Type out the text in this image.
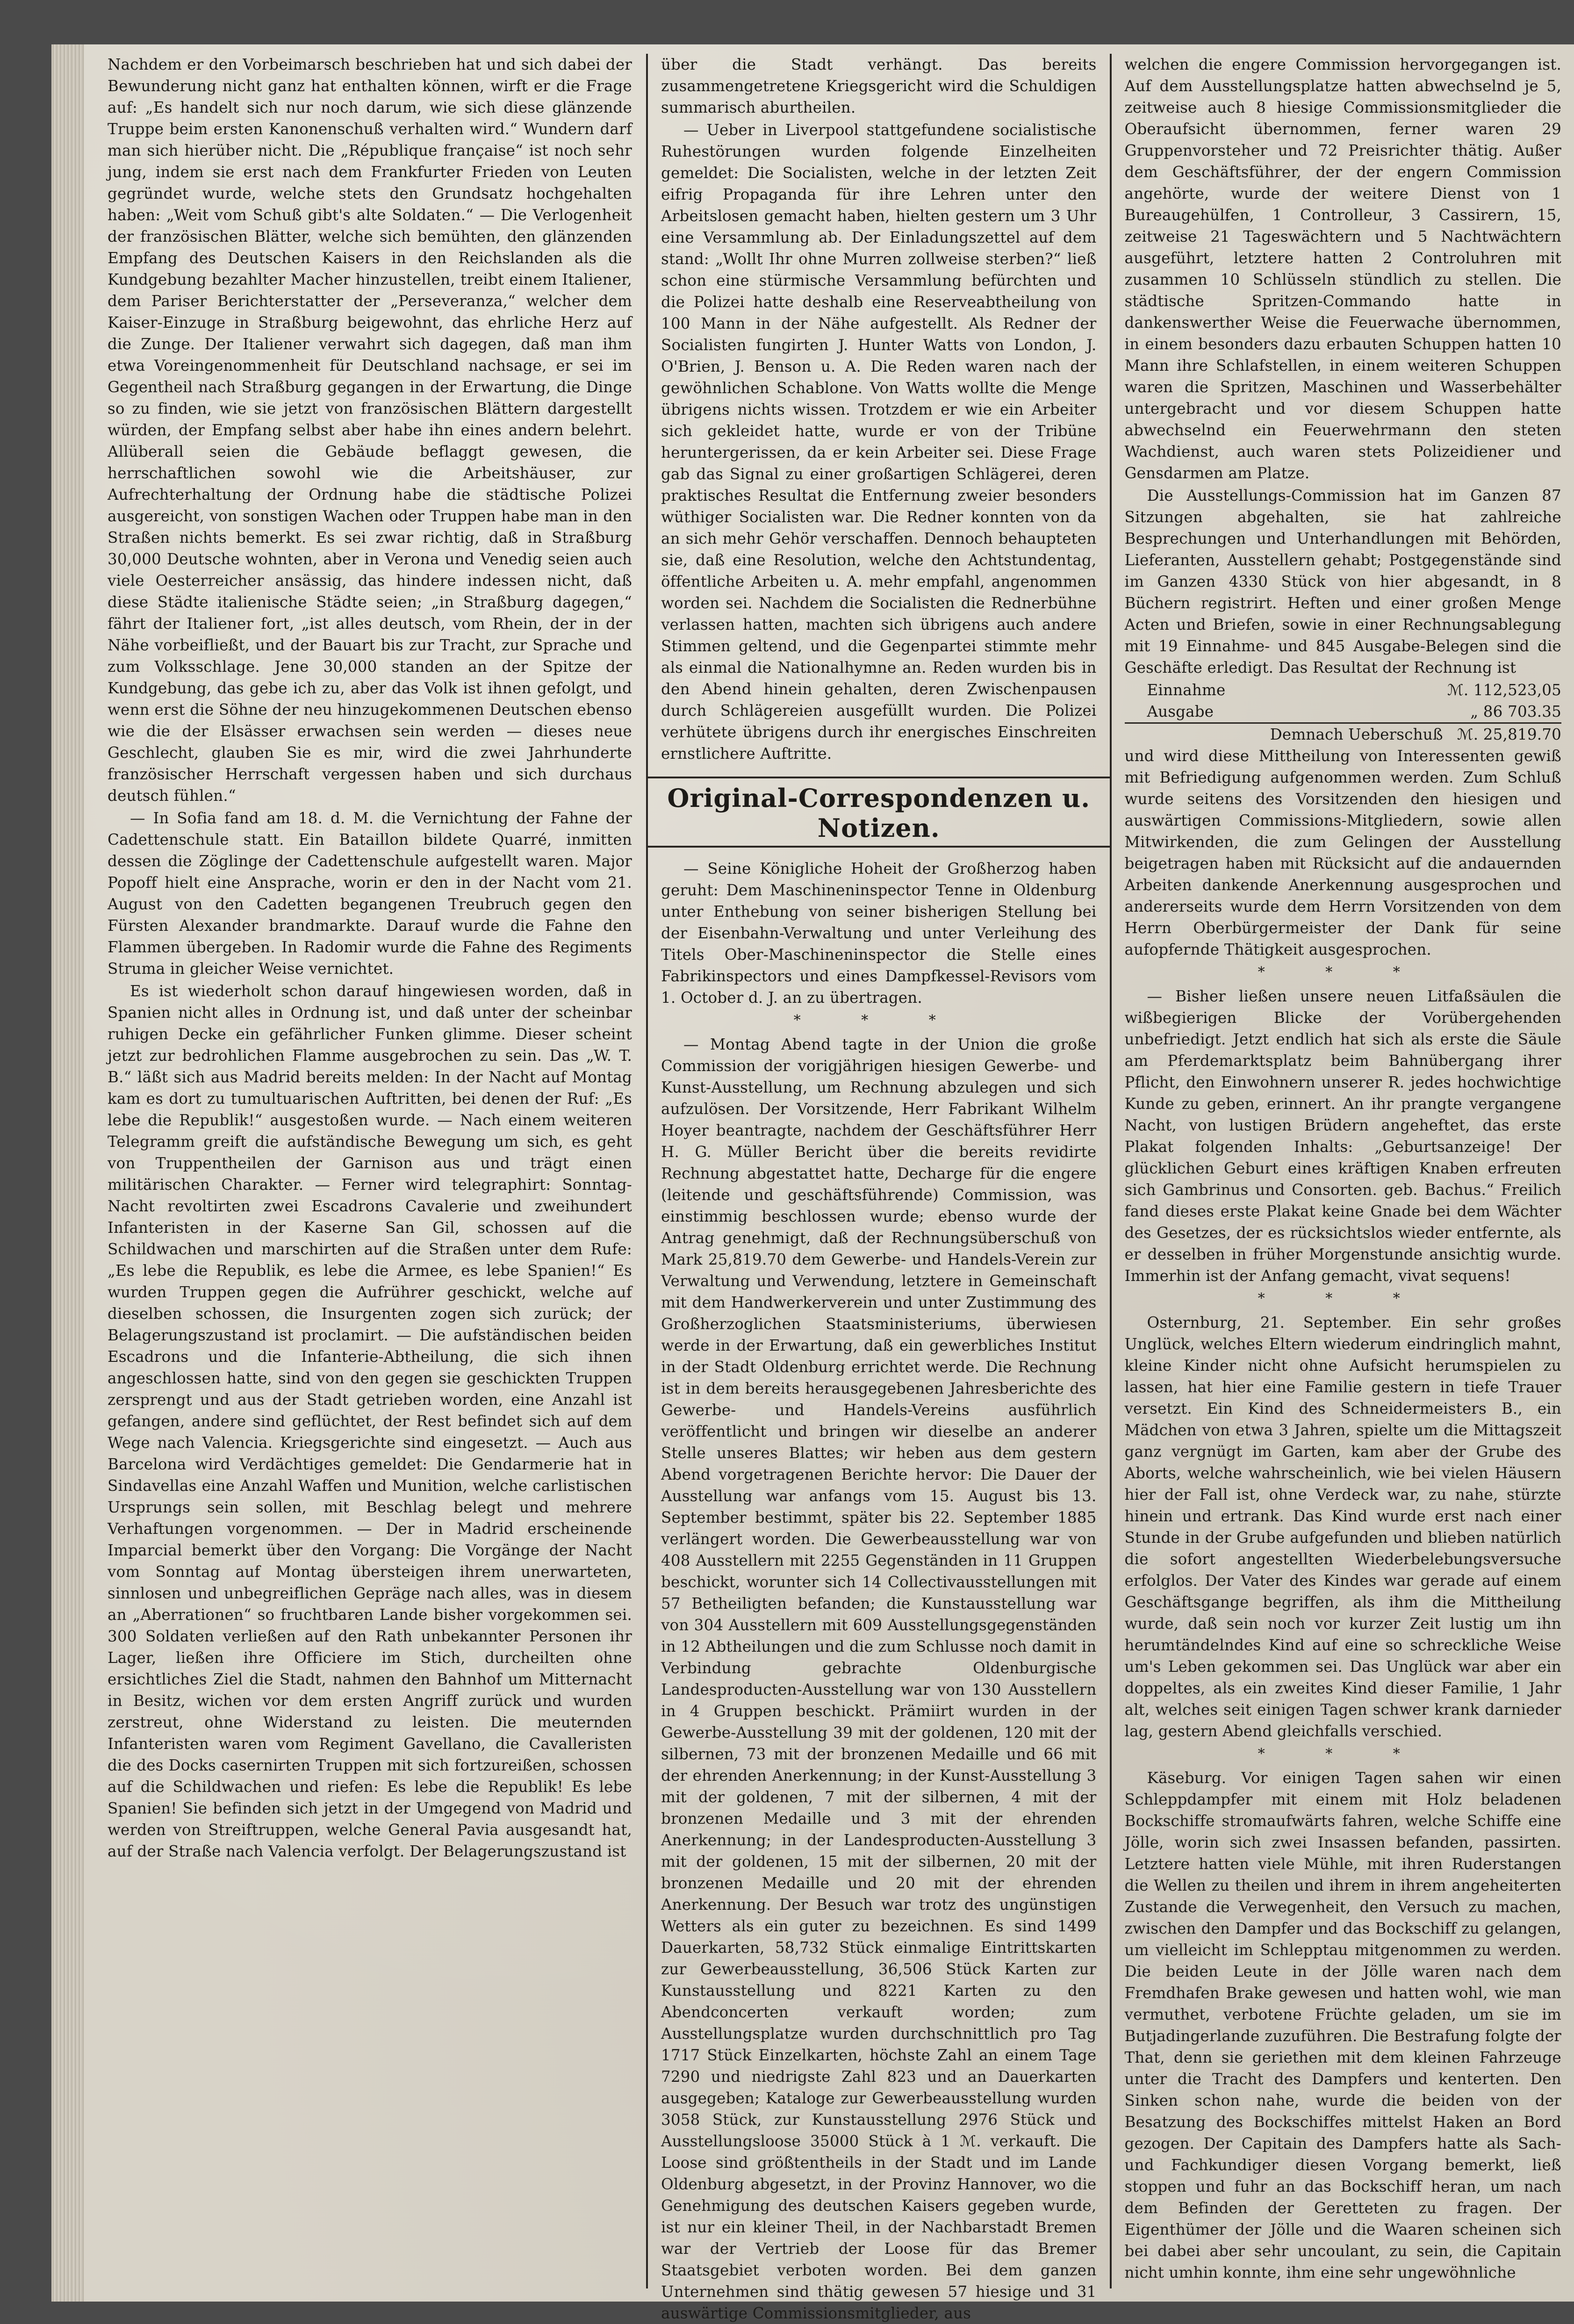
Nachdem er den Vorbeimarsch beschrieben hat und sich dabei der Bewunderung nicht ganz hat enthalten können, wirft er die Frage auf: „Es handelt sich nur noch darum, wie sich diese glänzende Truppe beim ersten Kanonenschuß verhalten wird.“ Wundern darf man sich hierüber nicht. Die „République française“ ist noch sehr jung, indem sie erst nach dem Frankfurter Frieden von Leuten gegründet wurde, welche stets den Grundsatz hochgehalten haben: „Weit vom Schuß gibt's alte Soldaten.“ — Die Verlogenheit der französischen Blätter, welche sich bemühten, den glänzenden Empfang des Deutschen Kaisers in den Reichslanden als die Kundgebung bezahlter Macher hinzustellen, treibt einem Italiener, dem Pariser Berichterstatter der „Perseveranza,“ welcher dem Kaiser-Einzuge in Straßburg beigewohnt, das ehrliche Herz auf die Zunge. Der Italiener verwahrt sich dagegen, daß man ihm etwa Voreingenommenheit für Deutschland nachsage, er sei im Gegentheil nach Straßburg gegangen in der Erwartung, die Dinge so zu finden, wie sie jetzt von französischen Blättern dargestellt würden, der Empfang selbst aber habe ihn eines andern belehrt. Allüberall seien die Gebäude beflaggt gewesen, die herrschaftlichen sowohl wie die Arbeitshäuser, zur Aufrechterhaltung der Ordnung habe die städtische Polizei ausgereicht, von sonstigen Wachen oder Truppen habe man in den Straßen nichts bemerkt. Es sei zwar richtig, daß in Straßburg 30,000 Deutsche wohnten, aber in Verona und Venedig seien auch viele Oesterreicher ansässig, das hindere indessen nicht, daß diese Städte italienische Städte seien; „in Straßburg dagegen,“ fährt der Italiener fort, „ist alles deutsch, vom Rhein, der in der Nähe vorbeifließt, und der Bauart bis zur Tracht, zur Sprache und zum Volksschlage. Jene 30,000 standen an der Spitze der Kundgebung, das gebe ich zu, aber das Volk ist ihnen gefolgt, und wenn erst die Söhne der neu hinzugekommenen Deutschen ebenso wie die der Elsässer erwachsen sein werden — dieses neue Geschlecht, glauben Sie es mir, wird die zwei Jahrhunderte französischer Herrschaft vergessen haben und sich durchaus deutsch fühlen.“

— In Sofia fand am 18. d. M. die Vernichtung der Fahne der Cadettenschule statt. Ein Bataillon bildete Quarré, inmitten dessen die Zöglinge der Cadettenschule aufgestellt waren. Major Popoff hielt eine Ansprache, worin er den in der Nacht vom 21. August von den Cadetten begangenen Treubruch gegen den Fürsten Alexander brandmarkte. Darauf wurde die Fahne den Flammen übergeben. In Radomir wurde die Fahne des Regiments Struma in gleicher Weise vernichtet.

Es ist wiederholt schon darauf hingewiesen worden, daß in Spanien nicht alles in Ordnung ist, und daß unter der scheinbar ruhigen Decke ein gefährlicher Funken glimme. Dieser scheint jetzt zur bedrohlichen Flamme ausgebrochen zu sein. Das „W. T. B.“ läßt sich aus Madrid bereits melden: In der Nacht auf Montag kam es dort zu tumultuarischen Auftritten, bei denen der Ruf: „Es lebe die Republik!“ ausgestoßen wurde. — Nach einem weiteren Telegramm greift die aufständische Bewegung um sich, es geht von Truppentheilen der Garnison aus und trägt einen militärischen Charakter. — Ferner wird telegraphirt: Sonntag-Nacht revoltirten zwei Escadrons Cavalerie und zweihundert Infanteristen in der Kaserne San Gil, schossen auf die Schildwachen und marschirten auf die Straßen unter dem Rufe: „Es lebe die Republik, es lebe die Armee, es lebe Spanien!“ Es wurden Truppen gegen die Aufrührer geschickt, welche auf dieselben schossen, die Insurgenten zogen sich zurück; der Belagerungszustand ist proclamirt. — Die aufständischen beiden Escadrons und die Infanterie-Abtheilung, die sich ihnen angeschlossen hatte, sind von den gegen sie geschickten Truppen zersprengt und aus der Stadt getrieben worden, eine Anzahl ist gefangen, andere sind geflüchtet, der Rest befindet sich auf dem Wege nach Valencia. Kriegsgerichte sind eingesetzt. — Auch aus Barcelona wird Verdächtiges gemeldet: Die Gendarmerie hat in Sindavellas eine Anzahl Waffen und Munition, welche carlistischen Ursprungs sein sollen, mit Beschlag belegt und mehrere Verhaftungen vorgenommen. — Der in Madrid erscheinende Imparcial bemerkt über den Vorgang: Die Vorgänge der Nacht vom Sonntag auf Montag übersteigen ihrem unerwarteten, sinnlosen und unbegreiflichen Gepräge nach alles, was in diesem an „Aberrationen“ so fruchtbaren Lande bisher vorgekommen sei. 300 Soldaten verließen auf den Rath unbekannter Personen ihr Lager, ließen ihre Officiere im Stich, durcheilten ohne ersichtliches Ziel die Stadt, nahmen den Bahnhof um Mitternacht in Besitz, wichen vor dem ersten Angriff zurück und wurden zerstreut, ohne Widerstand zu leisten. Die meuternden Infanteristen waren vom Regiment Gavellano, die Cavalleristen die des Docks casernirten Truppen mit sich fortzureißen, schossen auf die Schildwachen und riefen: Es lebe die Republik! Es lebe Spanien! Sie befinden sich jetzt in der Umgegend von Madrid und werden von Streiftruppen, welche General Pavia ausgesandt hat, auf der Straße nach Valencia verfolgt. Der Belagerungszustand ist

über die Stadt verhängt. Das bereits zusammengetretene Kriegsgericht wird die Schuldigen summarisch aburtheilen.

— Ueber in Liverpool stattgefundene socialistische Ruhestörungen wurden folgende Einzelheiten gemeldet: Die Socialisten, welche in der letzten Zeit eifrig Propaganda für ihre Lehren unter den Arbeitslosen gemacht haben, hielten gestern um 3 Uhr eine Versammlung ab. Der Einladungszettel auf dem stand: „Wollt Ihr ohne Murren zollweise sterben?“ ließ schon eine stürmische Versammlung befürchten und die Polizei hatte deshalb eine Reserveabtheilung von 100 Mann in der Nähe aufgestellt. Als Redner der Socialisten fungirten J. Hunter Watts von London, J. O'Brien, J. Benson u. A. Die Reden waren nach der gewöhnlichen Schablone. Von Watts wollte die Menge übrigens nichts wissen. Trotzdem er wie ein Arbeiter sich gekleidet hatte, wurde er von der Tribüne heruntergerissen, da er kein Arbeiter sei. Diese Frage gab das Signal zu einer großartigen Schlägerei, deren praktisches Resultat die Entfernung zweier besonders wüthiger Socialisten war. Die Redner konnten von da an sich mehr Gehör verschaffen. Dennoch behaupteten sie, daß eine Resolution, welche den Achtstundentag, öffentliche Arbeiten u. A. mehr empfahl, angenommen worden sei. Nachdem die Socialisten die Rednerbühne verlassen hatten, machten sich übrigens auch andere Stimmen geltend, und die Gegenpartei stimmte mehr als einmal die Nationalhymne an. Reden wurden bis in den Abend hinein gehalten, deren Zwischenpausen durch Schlägereien ausgefüllt wurden. Die Polizei verhütete übrigens durch ihr energisches Einschreiten ernstlichere Auftritte.

Original-Correspondenzen u. Notizen.

— Seine Königliche Hoheit der Großherzog haben geruht: Dem Maschineninspector Tenne in Oldenburg unter Enthebung von seiner bisherigen Stellung bei der Eisenbahn-Verwaltung und unter Verleihung des Titels Ober-Maschineninspector die Stelle eines Fabrikinspectors und eines Dampfkessel-Revisors vom 1. October d. J. an zu übertragen.

* * *

— Montag Abend tagte in der Union die große Commission der vorigjährigen hiesigen Gewerbe- und Kunst-Ausstellung, um Rechnung abzulegen und sich aufzulösen. Der Vorsitzende, Herr Fabrikant Wilhelm Hoyer beantragte, nachdem der Geschäftsführer Herr H. G. Müller Bericht über die bereits revidirte Rechnung abgestattet hatte, Decharge für die engere (leitende und geschäftsführende) Commission, was einstimmig beschlossen wurde; ebenso wurde der Antrag genehmigt, daß der Rechnungsüberschuß von Mark 25,819.70 dem Gewerbe- und Handels-Verein zur Verwaltung und Verwendung, letztere in Gemeinschaft mit dem Handwerkerverein und unter Zustimmung des Großherzoglichen Staatsministeriums, überwiesen werde in der Erwartung, daß ein gewerbliches Institut in der Stadt Oldenburg errichtet werde. Die Rechnung ist in dem bereits herausgegebenen Jahresberichte des Gewerbe- und Handels-Vereins ausführlich veröffentlicht und bringen wir dieselbe an anderer Stelle unseres Blattes; wir heben aus dem gestern Abend vorgetragenen Berichte hervor: Die Dauer der Ausstellung war anfangs vom 15. August bis 13. September bestimmt, später bis 22. September 1885 verlängert worden. Die Gewerbeausstellung war von 408 Ausstellern mit 2255 Gegenständen in 11 Gruppen beschickt, worunter sich 14 Collectivausstellungen mit 57 Betheiligten befanden; die Kunstausstellung war von 304 Ausstellern mit 609 Ausstellungsgegenständen in 12 Abtheilungen und die zum Schlusse noch damit in Verbindung gebrachte Oldenburgische Landesproducten-Ausstellung war von 130 Ausstellern in 4 Gruppen beschickt. Prämiirt wurden in der Gewerbe-Ausstellung 39 mit der goldenen, 120 mit der silbernen, 73 mit der bronzenen Medaille und 66 mit der ehrenden Anerkennung; in der Kunst-Ausstellung 3 mit der goldenen, 7 mit der silbernen, 4 mit der bronzenen Medaille und 3 mit der ehrenden Anerkennung; in der Landesproducten-Ausstellung 3 mit der goldenen, 15 mit der silbernen, 20 mit der bronzenen Medaille und 20 mit der ehrenden Anerkennung. Der Besuch war trotz des ungünstigen Wetters als ein guter zu bezeichnen. Es sind 1499 Dauerkarten, 58,732 Stück einmalige Eintrittskarten zur Gewerbeausstellung, 36,506 Stück Karten zur Kunstausstellung und 8221 Karten zu den Abendconcerten verkauft worden; zum Ausstellungsplatze wurden durchschnittlich pro Tag 1717 Stück Einzelkarten, höchste Zahl an einem Tage 7290 und niedrigste Zahl 823 und an Dauerkarten ausgegeben; Kataloge zur Gewerbeausstellung wurden 3058 Stück, zur Kunstausstellung 2976 Stück und Ausstellungsloose 35000 Stück à 1 ℳ. verkauft. Die Loose sind größtentheils in der Stadt und im Lande Oldenburg abgesetzt, in der Provinz Hannover, wo die Genehmigung des deutschen Kaisers gegeben wurde, ist nur ein kleiner Theil, in der Nachbarstadt Bremen war der Vertrieb der Loose für das Bremer Staatsgebiet verboten worden. Bei dem ganzen Unternehmen sind thätig gewesen 57 hiesige und 31 auswärtige Commissionsmitglieder, aus

welchen die engere Commission hervorgegangen ist. Auf dem Ausstellungsplatze hatten abwechselnd je 5, zeitweise auch 8 hiesige Commissionsmitglieder die Oberaufsicht übernommen, ferner waren 29 Gruppenvorsteher und 72 Preisrichter thätig. Außer dem Geschäftsführer, der der engern Commission angehörte, wurde der weitere Dienst von 1 Bureaugehülfen, 1 Controlleur, 3 Cassirern, 15, zeitweise 21 Tageswächtern und 5 Nachtwächtern ausgeführt, letztere hatten 2 Controluhren mit zusammen 10 Schlüsseln stündlich zu stellen. Die städtische Spritzen-Commando hatte in dankenswerther Weise die Feuerwache übernommen, in einem besonders dazu erbauten Schuppen hatten 10 Mann ihre Schlafstellen, in einem weiteren Schuppen waren die Spritzen, Maschinen und Wasserbehälter untergebracht und vor diesem Schuppen hatte abwechselnd ein Feuerwehrmann den steten Wachdienst, auch waren stets Polizeidiener und Gensdarmen am Platze.

Die Ausstellungs-Commission hat im Ganzen 87 Sitzungen abgehalten, sie hat zahlreiche Besprechungen und Unterhandlungen mit Behörden, Lieferanten, Ausstellern gehabt; Postgegenstände sind im Ganzen 4330 Stück von hier abgesandt, in 8 Büchern registrirt. Heften und einer großen Menge Acten und Briefen, sowie in einer Rechnungsablegung mit 19 Einnahme- und 845 Ausgabe-Belegen sind die Geschäfte erledigt. Das Resultat der Rechnung ist

Einnahme	ℳ. 112,523,05
Ausgabe	„ 86 703.35
Demnach Ueberschuß ℳ. 25,819.70

und wird diese Mittheilung von Interessenten gewiß mit Befriedigung aufgenommen werden. Zum Schluß wurde seitens des Vorsitzenden den hiesigen und auswärtigen Commissions-Mitgliedern, sowie allen Mitwirkenden, die zum Gelingen der Ausstellung beigetragen haben mit Rücksicht auf die andauernden Arbeiten dankende Anerkennung ausgesprochen und andererseits wurde dem Herrn Vorsitzenden von dem Herrn Oberbürgermeister der Dank für seine aufopfernde Thätigkeit ausgesprochen.

* * *

— Bisher ließen unsere neuen Litfaßsäulen die wißbegierigen Blicke der Vorübergehenden unbefriedigt. Jetzt endlich hat sich als erste die Säule am Pferdemarktsplatz beim Bahnübergang ihrer Pflicht, den Einwohnern unserer R. jedes hochwichtige Kunde zu geben, erinnert. An ihr prangte vergangene Nacht, von lustigen Brüdern angeheftet, das erste Plakat folgenden Inhalts: „Geburtsanzeige! Der glücklichen Geburt eines kräftigen Knaben erfreuten sich Gambrinus und Consorten. geb. Bachus.“ Freilich fand dieses erste Plakat keine Gnade bei dem Wächter des Gesetzes, der es rücksichtslos wieder entfernte, als er desselben in früher Morgenstunde ansichtig wurde. Immerhin ist der Anfang gemacht, vivat sequens!

* * *

Osternburg, 21. September. Ein sehr großes Unglück, welches Eltern wiederum eindringlich mahnt, kleine Kinder nicht ohne Aufsicht herumspielen zu lassen, hat hier eine Familie gestern in tiefe Trauer versetzt. Ein Kind des Schneidermeisters B., ein Mädchen von etwa 3 Jahren, spielte um die Mittagszeit ganz vergnügt im Garten, kam aber der Grube des Aborts, welche wahrscheinlich, wie bei vielen Häusern hier der Fall ist, ohne Verdeck war, zu nahe, stürzte hinein und ertrank. Das Kind wurde erst nach einer Stunde in der Grube aufgefunden und blieben natürlich die sofort angestellten Wiederbelebungsversuche erfolglos. Der Vater des Kindes war gerade auf einem Geschäftsgange begriffen, als ihm die Mittheilung wurde, daß sein noch vor kurzer Zeit lustig um ihn herumtändelndes Kind auf eine so schreckliche Weise um's Leben gekommen sei. Das Unglück war aber ein doppeltes, als ein zweites Kind dieser Familie, 1 Jahr alt, welches seit einigen Tagen schwer krank darnieder lag, gestern Abend gleichfalls verschied.

* * *

Käseburg. Vor einigen Tagen sahen wir einen Schleppdampfer mit einem mit Holz beladenen Bockschiffe stromaufwärts fahren, welche Schiffe eine Jölle, worin sich zwei Insassen befanden, passirten. Letztere hatten viele Mühle, mit ihren Ruderstangen die Wellen zu theilen und ihrem in ihrem angeheiterten Zustande die Verwegenheit, den Versuch zu machen, zwischen den Dampfer und das Bockschiff zu gelangen, um vielleicht im Schlepptau mitgenommen zu werden. Die beiden Leute in der Jölle waren nach dem Fremdhafen Brake gewesen und hatten wohl, wie man vermuthet, verbotene Früchte geladen, um sie im Butjadingerlande zuzuführen. Die Bestrafung folgte der That, denn sie geriethen mit dem kleinen Fahrzeuge unter die Tracht des Dampfers und kenterten. Den Sinken schon nahe, wurde die beiden von der Besatzung des Bockschiffes mittelst Haken an Bord gezogen. Der Capitain des Dampfers hatte als Sach- und Fachkundiger diesen Vorgang bemerkt, ließ stoppen und fuhr an das Bockschiff heran, um nach dem Befinden der Geretteten zu fragen. Der Eigenthümer der Jölle und die Waaren scheinen sich bei dabei aber sehr uncoulant, zu sein, die Capitain nicht umhin konnte, ihm eine sehr ungewöhnliche
